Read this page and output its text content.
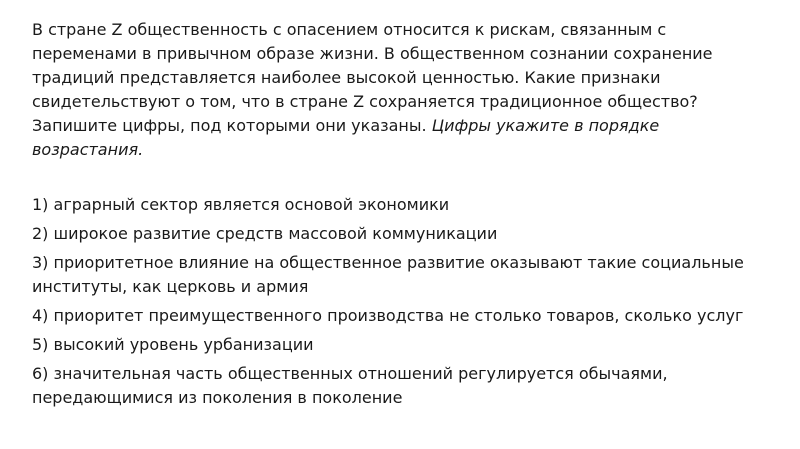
В стране Z общественность с опасением относится к рискам, связанным с переменами в привычном образе жизни. В общественном сознании сохранение традиций представляется наиболее высокой ценностью. Какие признаки свидетельствуют о том, что в стране Z сохраняется традиционное общество? Запишите цифры, под которыми они указаны. Цифры укажите в порядке возрастания.
1) аграрный сектор является основой экономики
2) широкое развитие средств массовой коммуникации
3) приоритетное влияние на общественное развитие оказывают такие социальные институты, как церковь и армия
4) приоритет преимущественного производства не столько товаров, сколько услуг
5) высокий уровень урбанизации
6) значительная часть общественных отношений регулируется обычаями, передающимися из поколения в поколение
